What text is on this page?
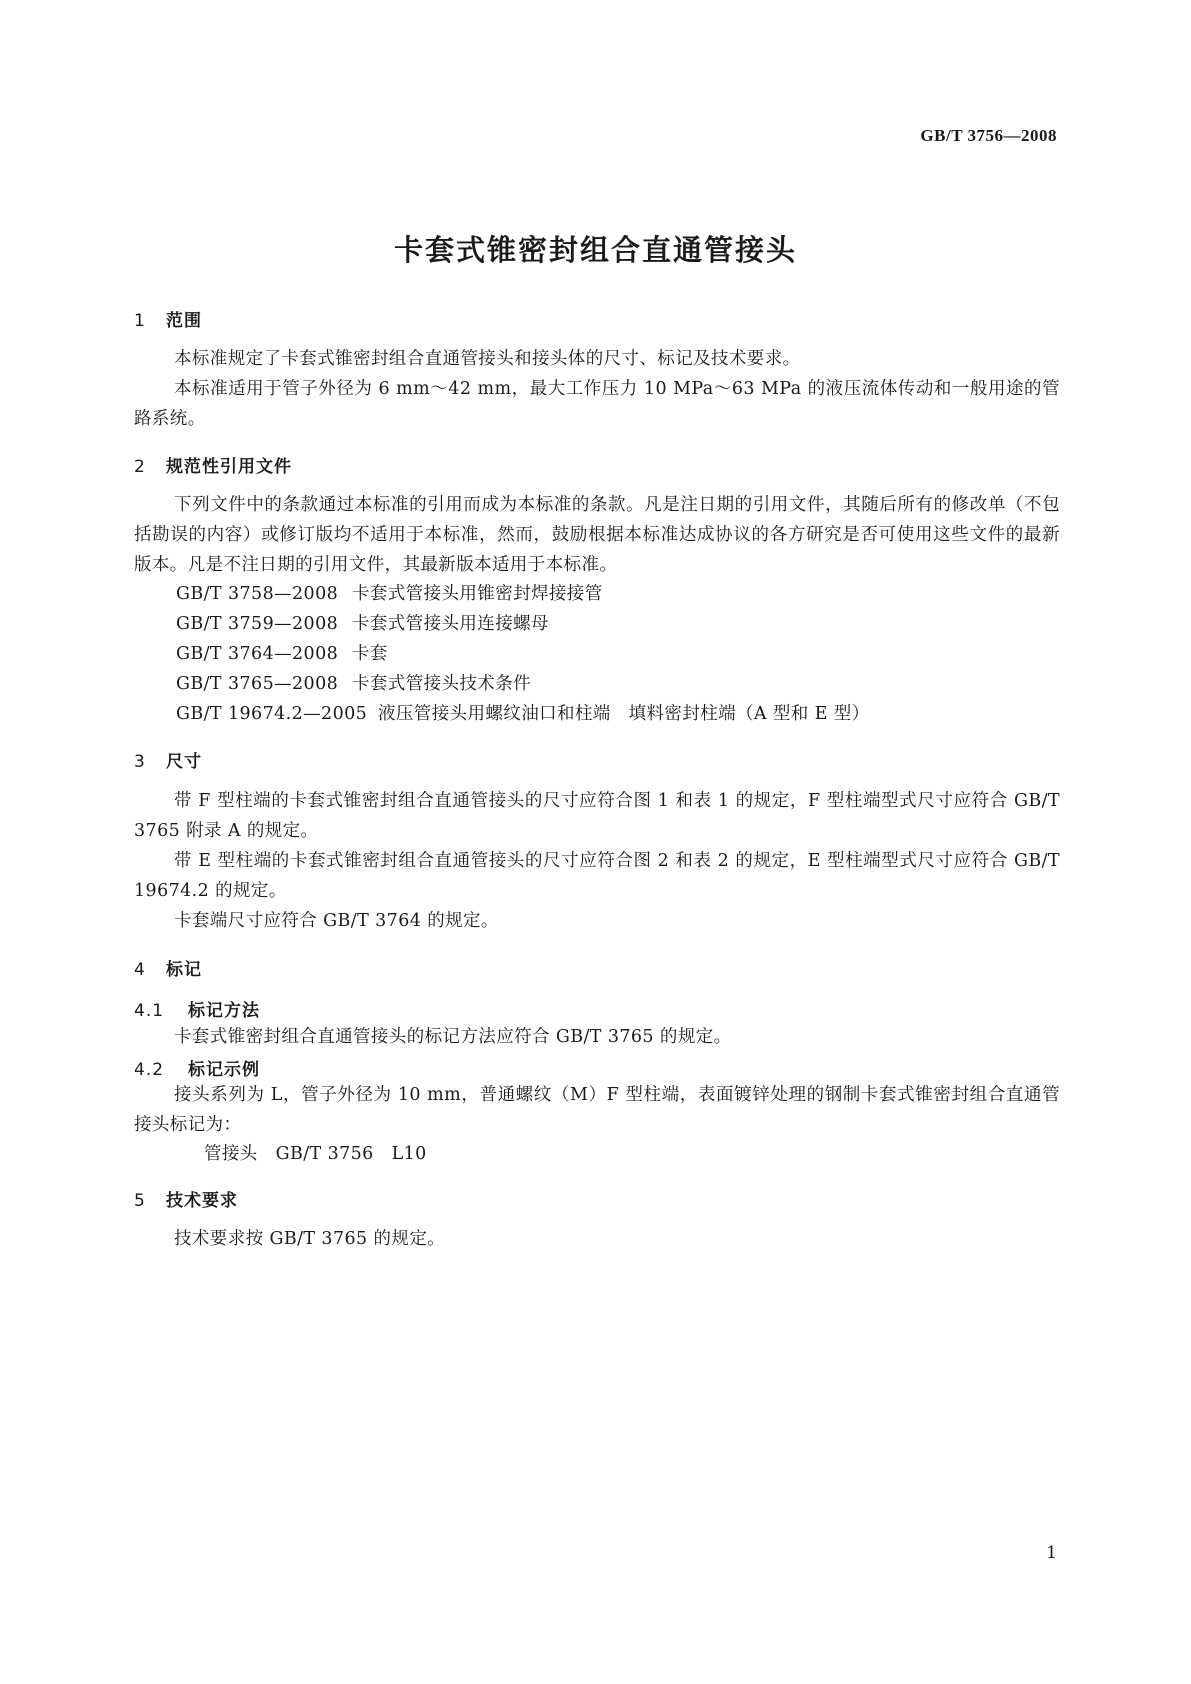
GB/T 3756—2008
卡套式锥密封组合直通管接头
1 范围
本标准规定了卡套式锥密封组合直通管接头和接头体的尺寸、标记及技术要求。
本标准适用于管子外径为 6 mm～42 mm，最大工作压力 10 MPa～63 MPa 的液压流体传动和一般用途的管路系统。
2 规范性引用文件
下列文件中的条款通过本标准的引用而成为本标准的条款。凡是注日期的引用文件，其随后所有的修改单（不包括勘误的内容）或修订版均不适用于本标准，然而，鼓励根据本标准达成协议的各方研究是否可使用这些文件的最新版本。凡是不注日期的引用文件，其最新版本适用于本标准。
GB/T 3758—2008 卡套式管接头用锥密封焊接接管
GB/T 3759—2008 卡套式管接头用连接螺母
GB/T 3764—2008 卡套
GB/T 3765—2008 卡套式管接头技术条件
GB/T 19674.2—2005 液压管接头用螺纹油口和柱端　填料密封柱端（A 型和 E 型）
3 尺寸
带 F 型柱端的卡套式锥密封组合直通管接头的尺寸应符合图 1 和表 1 的规定，F 型柱端型式尺寸应符合 GB/T 3765 附录 A 的规定。
带 E 型柱端的卡套式锥密封组合直通管接头的尺寸应符合图 2 和表 2 的规定，E 型柱端型式尺寸应符合 GB/T 19674.2 的规定。
卡套端尺寸应符合 GB/T 3764 的规定。
4 标记
4.1 标记方法
卡套式锥密封组合直通管接头的标记方法应符合 GB/T 3765 的规定。
4.2 标记示例
接头系列为 L，管子外径为 10 mm，普通螺纹（M）F 型柱端，表面镀锌处理的钢制卡套式锥密封组合直通管接头标记为：
管接头　GB/T 3756　L10
5 技术要求
技术要求按 GB/T 3765 的规定。
1
